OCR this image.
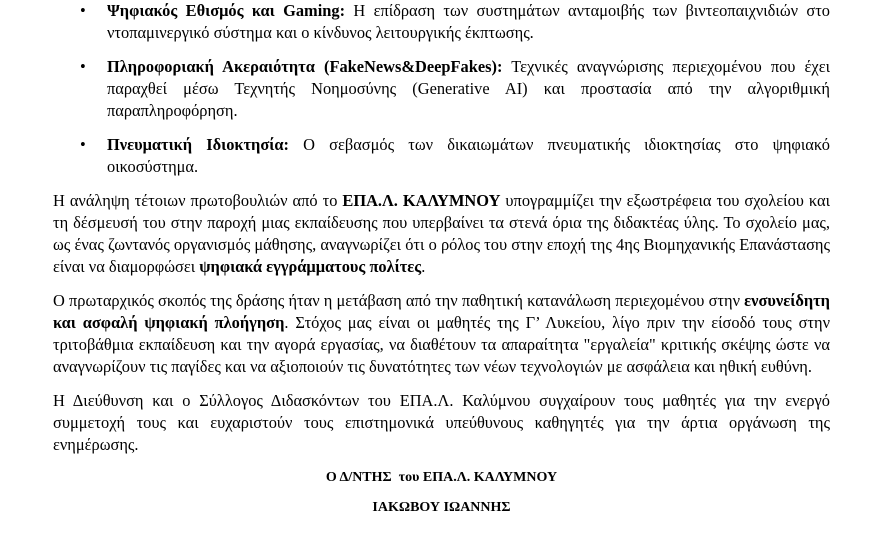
• Ψηφιακός Εθισμός και Gaming: Η επίδραση των συστημάτων ανταμοιβής των βιντεοπαιχνιδιών στο ντοπαμινεργικό σύστημα και ο κίνδυνος λειτουργικής έκπτωσης.
• Πληροφοριακή Ακεραιότητα (FakeNews&DeepFakes): Τεχνικές αναγνώρισης περιεχομένου που έχει παραχθεί μέσω Τεχνητής Νοημοσύνης (Generative AI) και προστασία από την αλγοριθμική παραπληροφόρηση.
• Πνευματική Ιδιοκτησία: Ο σεβασμός των δικαιωμάτων πνευματικής ιδιοκτησίας στο ψηφιακό οικοσύστημα.

Η ανάληψη τέτοιων πρωτοβουλιών από το ΕΠΑ.Λ. ΚΑΛΥΜΝΟΥ υπογραμμίζει την εξωστρέφεια του σχολείου και τη δέσμευσή του στην παροχή μιας εκπαίδευσης που υπερβαίνει τα στενά όρια της διδακτέας ύλης. Το σχολείο μας, ως ένας ζωντανός οργανισμός μάθησης, αναγνωρίζει ότι ο ρόλος του στην εποχή της 4ης Βιομηχανικής Επανάστασης είναι να διαμορφώσει ψηφιακά εγγράμματους πολίτες.

Ο πρωταρχικός σκοπός της δράσης ήταν η μετάβαση από την παθητική κατανάλωση περιεχομένου στην ενσυνείδητη και ασφαλή ψηφιακή πλοήγηση. Στόχος μας είναι οι μαθητές της Γ’ Λυκείου, λίγο πριν την είσοδό τους στην τριτοβάθμια εκπαίδευση και την αγορά εργασίας, να διαθέτουν τα απαραίτητα "εργαλεία" κριτικής σκέψης ώστε να αναγνωρίζουν τις παγίδες και να αξιοποιούν τις δυνατότητες των νέων τεχνολογιών με ασφάλεια και ηθική ευθύνη.

Η Διεύθυνση και ο Σύλλογος Διδασκόντων του ΕΠΑ.Λ. Καλύμνου συγχαίρουν τους μαθητές για την ενεργό συμμετοχή τους και ευχαριστούν τους επιστημονικά υπεύθυνους καθηγητές για την άρτια οργάνωση της ενημέρωσης.

Ο Δ/ΝΤΗΣ  του ΕΠΑ.Λ. ΚΑΛΥΜΝΟΥ
ΙΑΚΩΒΟΥ ΙΩΑΝΝΗΣ
